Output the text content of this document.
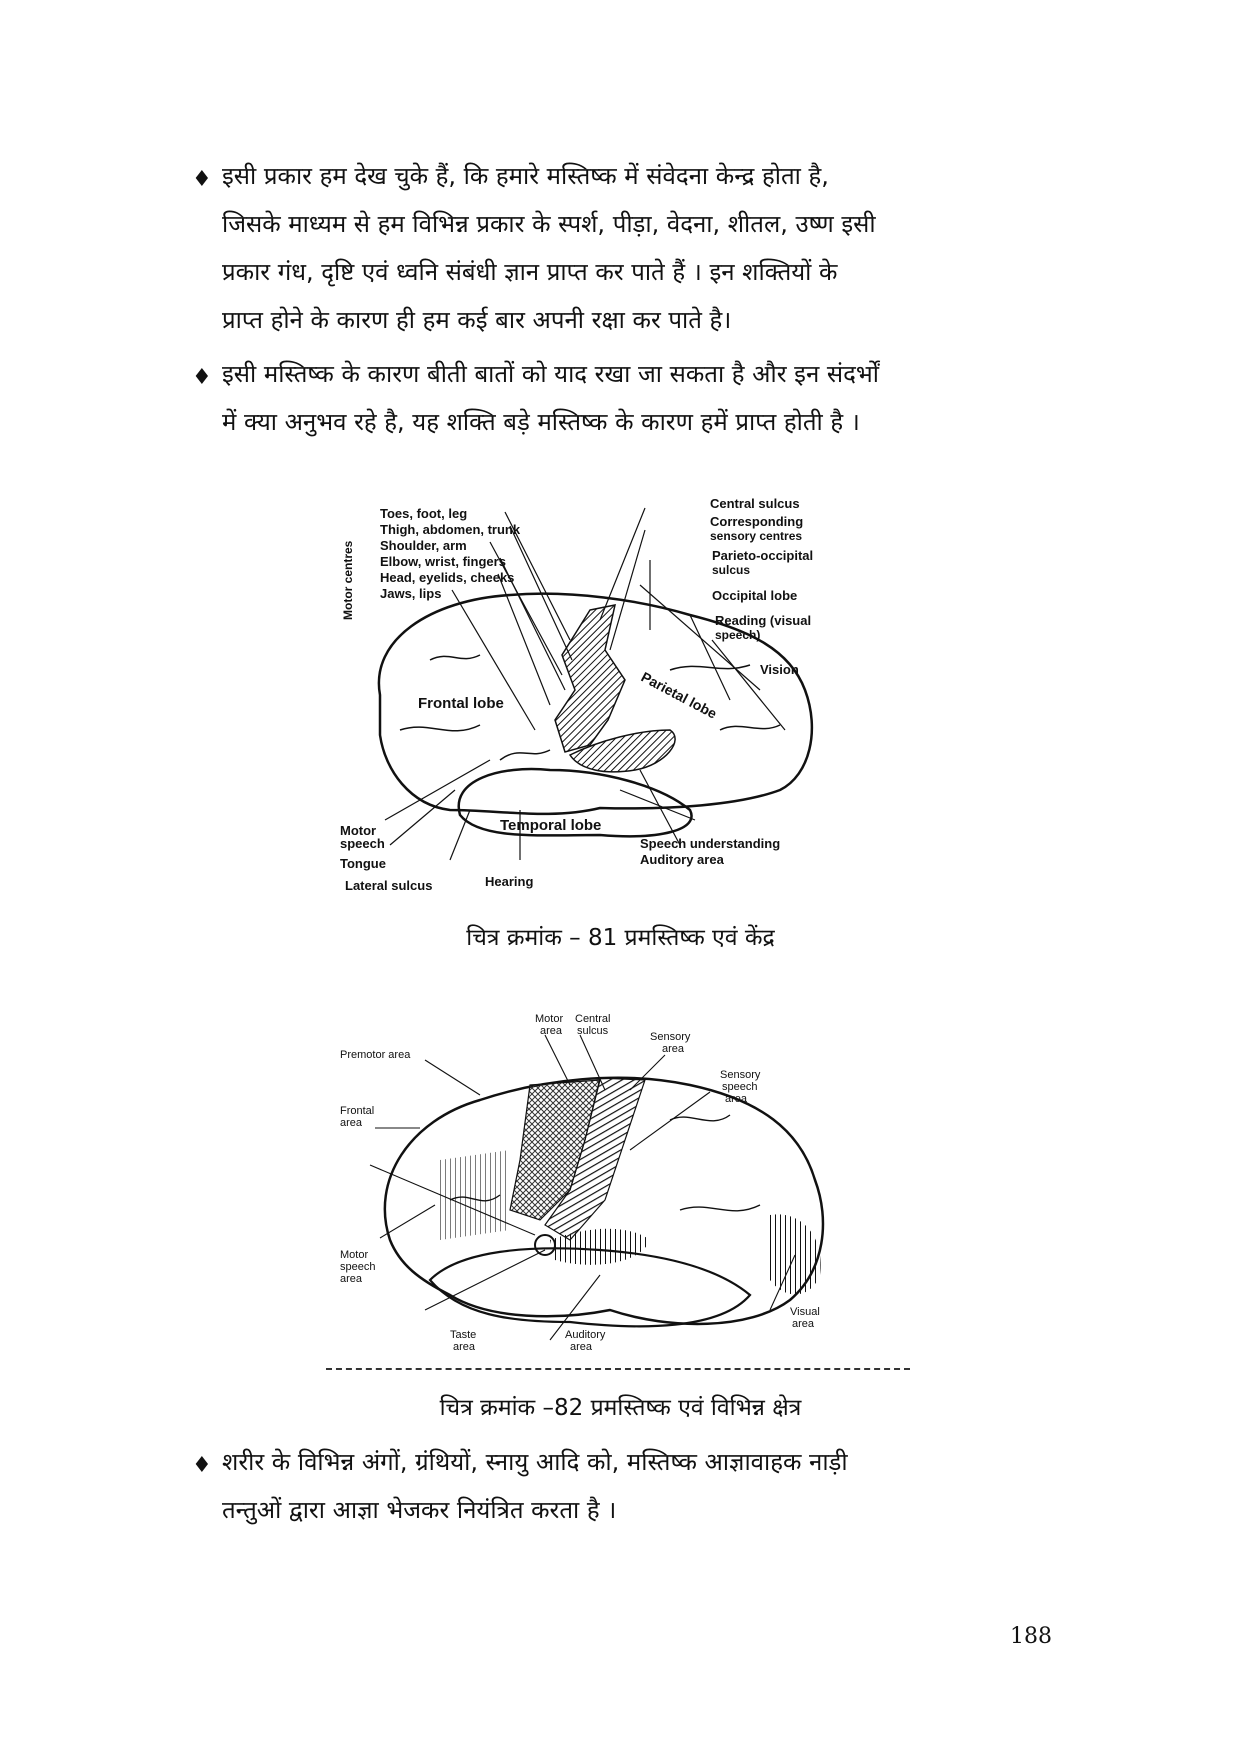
♦ इसी प्रकार हम देख चुके हैं, कि हमारे मस्तिष्क में संवेदना केन्द्र होता है,

जिसके माध्यम से हम विभिन्न प्रकार के स्पर्श, पीड़ा, वेदना, शीतल, उष्ण इसी

प्रकार गंध, दृष्टि एवं ध्वनि संबंधी ज्ञान प्राप्त कर पाते हैं । इन शक्तियों के

प्राप्त होने के कारण ही हम कई बार अपनी रक्षा कर पाते है।

♦ इसी मस्तिष्क के कारण बीती बातों को याद रखा जा सकता है और इन संदर्भों

में क्या अनुभव रहे है, यह शक्ति बड़े मस्तिष्क के कारण हमें प्राप्त होती है ।

Motor centres
Toes, foot, leg
Thigh, abdomen, trunk
Shoulder, arm
Elbow, wrist, fingers
Head, eyelids, cheeks
Jaws, lips
Central sulcus
Corresponding
sensory centres
Parieto-occipital
sulcus
Occipital lobe
Reading (visual
speech)
Vision
Frontal lobe	Parietal lobe
Temporal lobe
Motor
speech
Tongue
Lateral sulcus	Hearing
Speech understanding
Auditory area
चित्र क्रमांक – 81 प्रमस्तिष्क एवं केंद्र
Motor
area
Central
sulcus	Sensory
area
Premotor area
Frontal
area
Sensory
speech
area
Motor
speech
area
Visual
area
Taste
area
Auditory
area
चित्र क्रमांक –82 प्रमस्तिष्क एवं विभिन्न क्षेत्र
♦ शरीर के विभिन्न अंगों, ग्रंथियों, स्नायु आदि को, मस्तिष्क आज्ञावाहक नाड़ी

तन्तुओं द्वारा आज्ञा भेजकर नियंत्रित करता है ।

188
